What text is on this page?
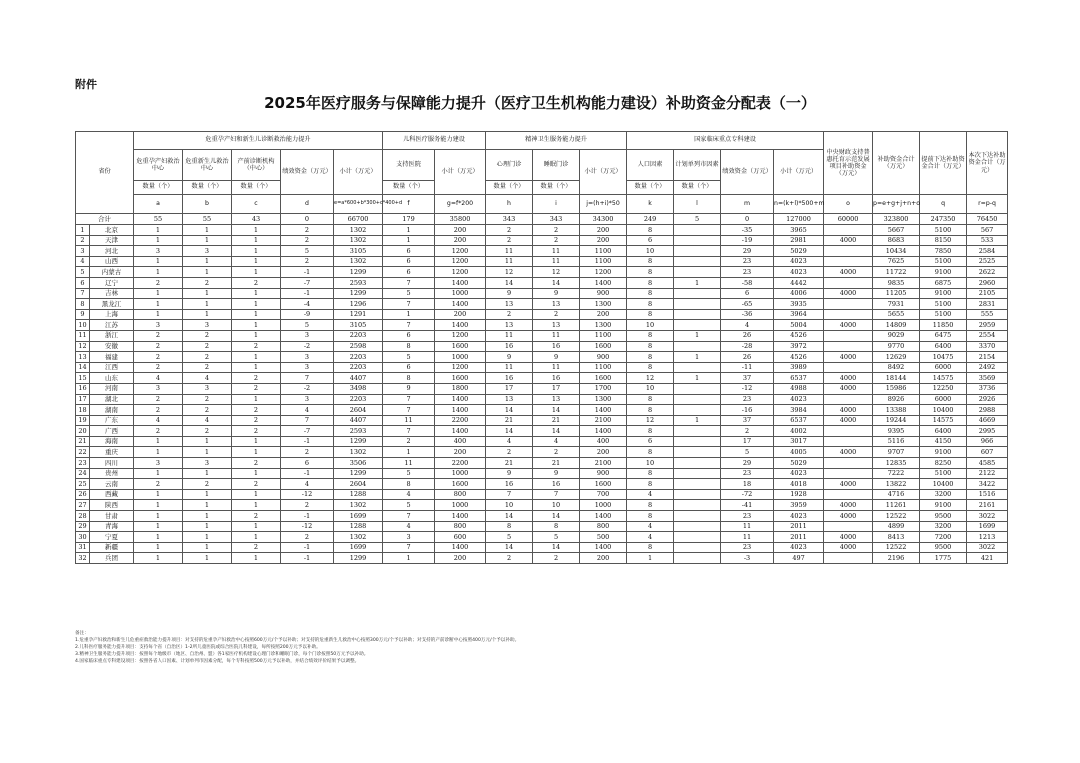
附件
2025年医疗服务与保障能力提升（医疗卫生机构能力建设）补助资金分配表（一）
省份		危重孕产妇和新生儿诊断救治能力提升					儿科医疗服务能力建设		精神卫生服务能力提升			国家临床重点专科建设				中央财政支持普惠托育示范发展项目补助资金（万元）	补助资金合计（万元）	提前下达补助资金合计（万元）	本次下达补助资金合计（万元）
		危重孕产妇救治中心	危重新生儿救治中心	产前诊断机构（中心）	绩效资金（万元）	小计（万元）	支持医院	小计（万元）	心理门诊	睡眠门诊	小计（万元）	人口因素	计划单列市因素	绩效资金（万元）	小计（万元）				
		数量（个）	数量（个）	数量（个）			数量（个）		数量（个）	数量（个）		数量（个）	数量（个）						
		a	b	c	d	e=a*600+b*300+c*400+d	f	g=f*200	h	i	j=(h+i)*50	k	l	m	n=(k+l)*500+m	o	p=e+g+j+n+o	q	r=p-q
合计		55	55	43	0	66700	179	35800	343	343	34300	249	5	0	127000	60000	323800	247350	76450
1	北京	1	1	1	2	1302	1	200	2	2	200	8		-35	3965		5667	5100	567
2	天津	1	1	1	2	1302	1	200	2	2	200	6		-19	2981	4000	8683	8150	533
3	河北	3	3	1	5	3105	6	1200	11	11	1100	10		29	5029		10434	7850	2584
4	山西	1	1	1	2	1302	6	1200	11	11	1100	8		23	4023		7625	5100	2525
5	内蒙古	1	1	1	-1	1299	6	1200	12	12	1200	8		23	4023	4000	11722	9100	2622
6	辽宁	2	2	2	-7	2593	7	1400	14	14	1400	8	1	-58	4442		9835	6875	2960
7	吉林	1	1	1	-1	1299	5	1000	9	9	900	8		6	4006	4000	11205	9100	2105
8	黑龙江	1	1	1	-4	1296	7	1400	13	13	1300	8		-65	3935		7931	5100	2831
9	上海	1	1	1	-9	1291	1	200	2	2	200	8		-36	3964		5655	5100	555
10	江苏	3	3	1	5	3105	7	1400	13	13	1300	10		4	5004	4000	14809	11850	2959
11	浙江	2	2	1	3	2203	6	1200	11	11	1100	8	1	26	4526		9029	6475	2554
12	安徽	2	2	2	-2	2598	8	1600	16	16	1600	8		-28	3972		9770	6400	3370
13	福建	2	2	1	3	2203	5	1000	9	9	900	8	1	26	4526	4000	12629	10475	2154
14	江西	2	2	1	3	2203	6	1200	11	11	1100	8		-11	3989		8492	6000	2492
15	山东	4	4	2	7	4407	8	1600	16	16	1600	12	1	37	6537	4000	18144	14575	3569
16	河南	3	3	2	-2	3498	9	1800	17	17	1700	10		-12	4988	4000	15986	12250	3736
17	湖北	2	2	1	3	2203	7	1400	13	13	1300	8		23	4023		8926	6000	2926
18	湖南	2	2	2	4	2604	7	1400	14	14	1400	8		-16	3984	4000	13388	10400	2988
19	广东	4	4	2	7	4407	11	2200	21	21	2100	12	1	37	6537	4000	19244	14575	4669
20	广西	2	2	2	-7	2593	7	1400	14	14	1400	8		2	4002		9395	6400	2995
21	海南	1	1	1	-1	1299	2	400	4	4	400	6		17	3017		5116	4150	966
22	重庆	1	1	1	2	1302	1	200	2	2	200	8		5	4005	4000	9707	9100	607
23	四川	3	3	2	6	3506	11	2200	21	21	2100	10		29	5029		12835	8250	4585
24	贵州	1	1	1	-1	1299	5	1000	9	9	900	8		23	4023		7222	5100	2122
25	云南	2	2	2	4	2604	8	1600	16	16	1600	8		18	4018	4000	13822	10400	3422
26	西藏	1	1	1	-12	1288	4	800	7	7	700	4		-72	1928		4716	3200	1516
27	陕西	1	1	1	2	1302	5	1000	10	10	1000	8		-41	3959	4000	11261	9100	2161
28	甘肃	1	1	2	-1	1699	7	1400	14	14	1400	8		23	4023	4000	12522	9500	3022
29	青海	1	1	1	-12	1288	4	800	8	8	800	4		11	2011		4899	3200	1699
30	宁夏	1	1	1	2	1302	3	600	5	5	500	4		11	2011	4000	8413	7200	1213
31	新疆	1	1	2	-1	1699	7	1400	14	14	1400	8		23	4023	4000	12522	9500	3022
32	兵团	1	1	1	-1	1299	1	200	2	2	200	1		-3	497		2196	1775	421
备注：
1.危重孕产妇救治和新生儿危重症救治能力提升项目：对支持的危重孕产妇救治中心按照600万元/个予以补助；对支持的危重新生儿救治中心按照300万元/个予以补助；对支持的产前诊断中心按照400万元/个予以补助。
2.儿科医疗服务能力提升项目：支持每个省（自治区）1-2所儿童医院或综合医院儿科建设，每所按照200万元予以补助。
3.精神卫生服务能力提升项目：按照每个地级市（地区、自治州、盟）各1家医疗机构建设心理门诊和睡眠门诊，每个门诊按照50万元予以补助。
4.国家临床重点专科建设项目：按照各省人口因素、计划单列市因素分配，每个专科按照500万元予以补助，并结合绩效评价结果予以调整。
